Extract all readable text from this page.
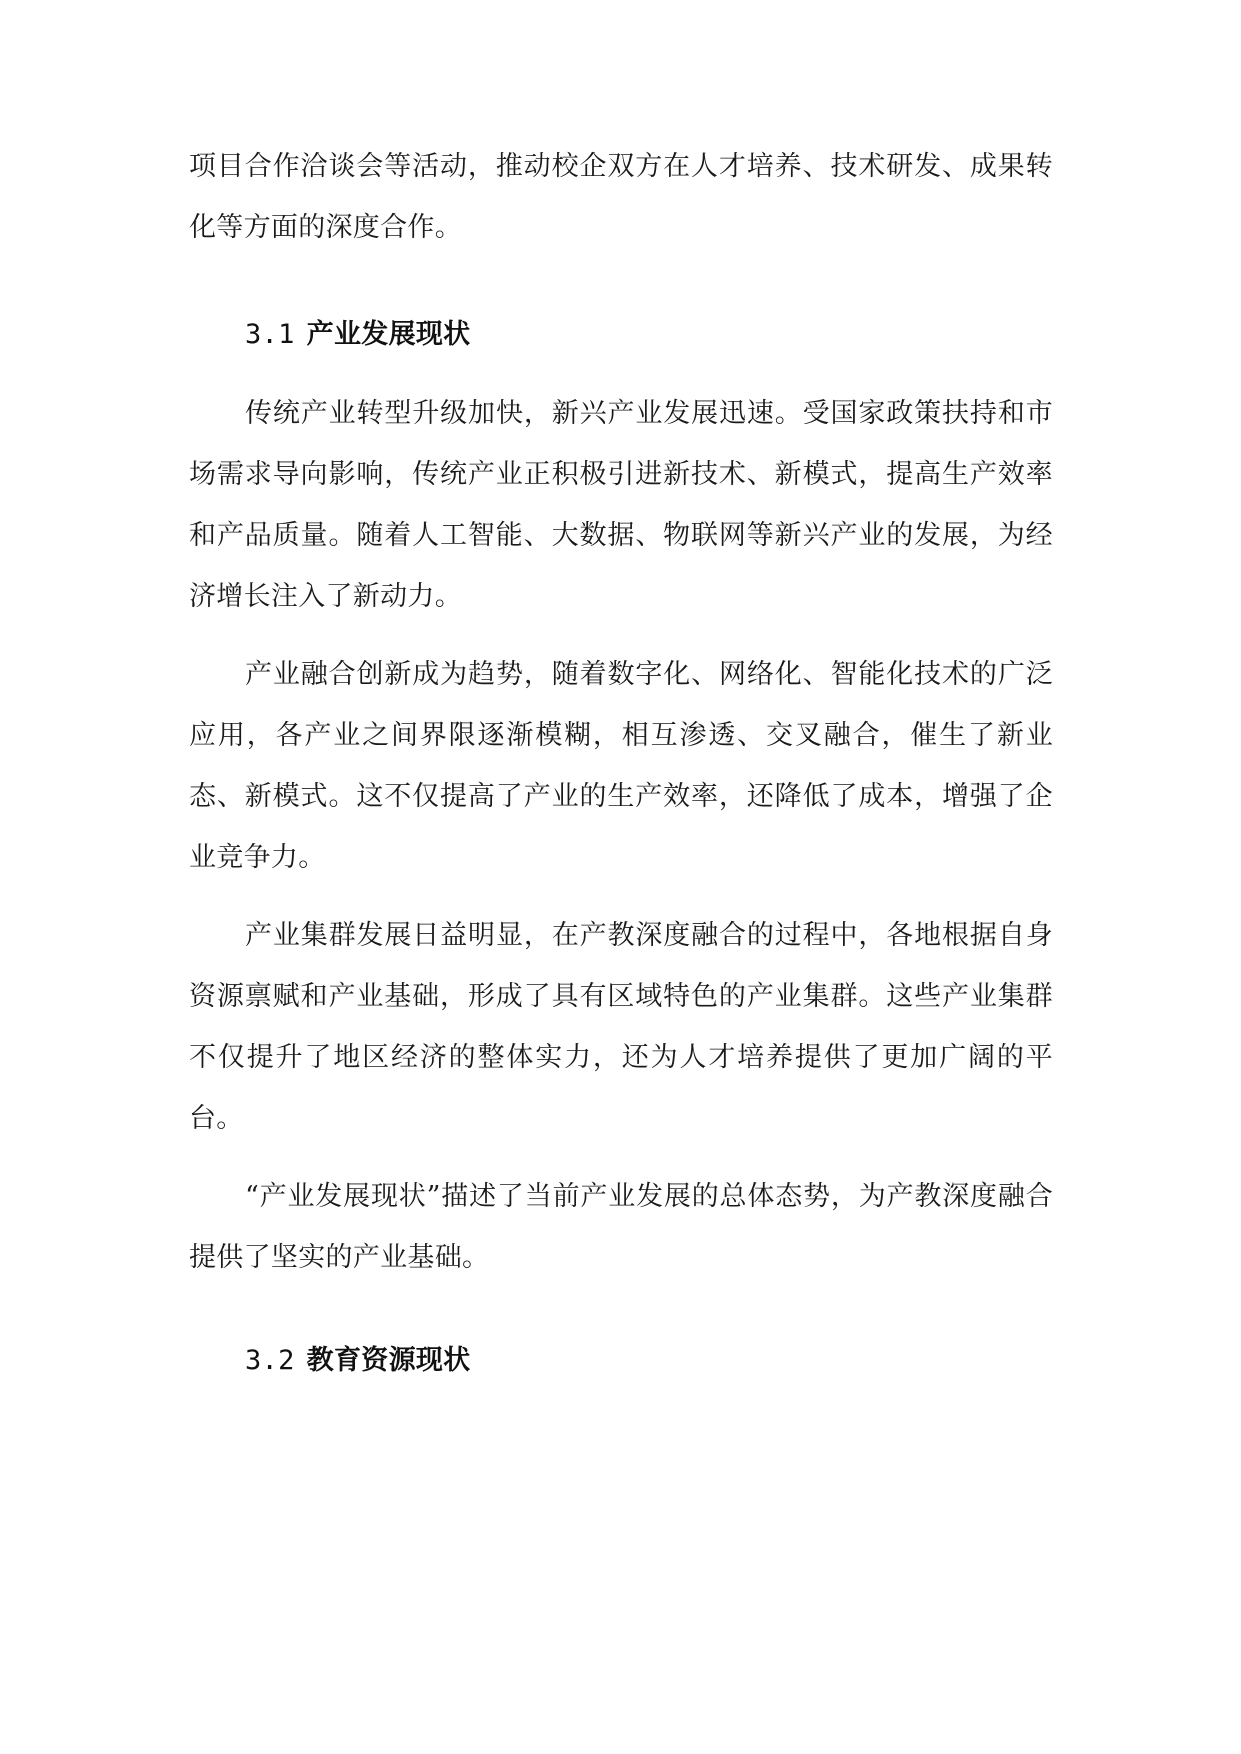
项目合作洽谈会等活动，推动校企双方在人才培养、技术研发、成果转化等方面的深度合作。

3.1 产业发展现状

传统产业转型升级加快，新兴产业发展迅速。受国家政策扶持和市场需求导向影响，传统产业正积极引进新技术、新模式，提高生产效率和产品质量。随着人工智能、大数据、物联网等新兴产业的发展，为经济增长注入了新动力。

产业融合创新成为趋势，随着数字化、网络化、智能化技术的广泛应用，各产业之间界限逐渐模糊，相互渗透、交叉融合，催生了新业态、新模式。这不仅提高了产业的生产效率，还降低了成本，增强了企业竞争力。

产业集群发展日益明显，在产教深度融合的过程中，各地根据自身资源禀赋和产业基础，形成了具有区域特色的产业集群。这些产业集群不仅提升了地区经济的整体实力，还为人才培养提供了更加广阔的平台。

“产业发展现状”描述了当前产业发展的总体态势，为产教深度融合提供了坚实的产业基础。

3.2 教育资源现状
